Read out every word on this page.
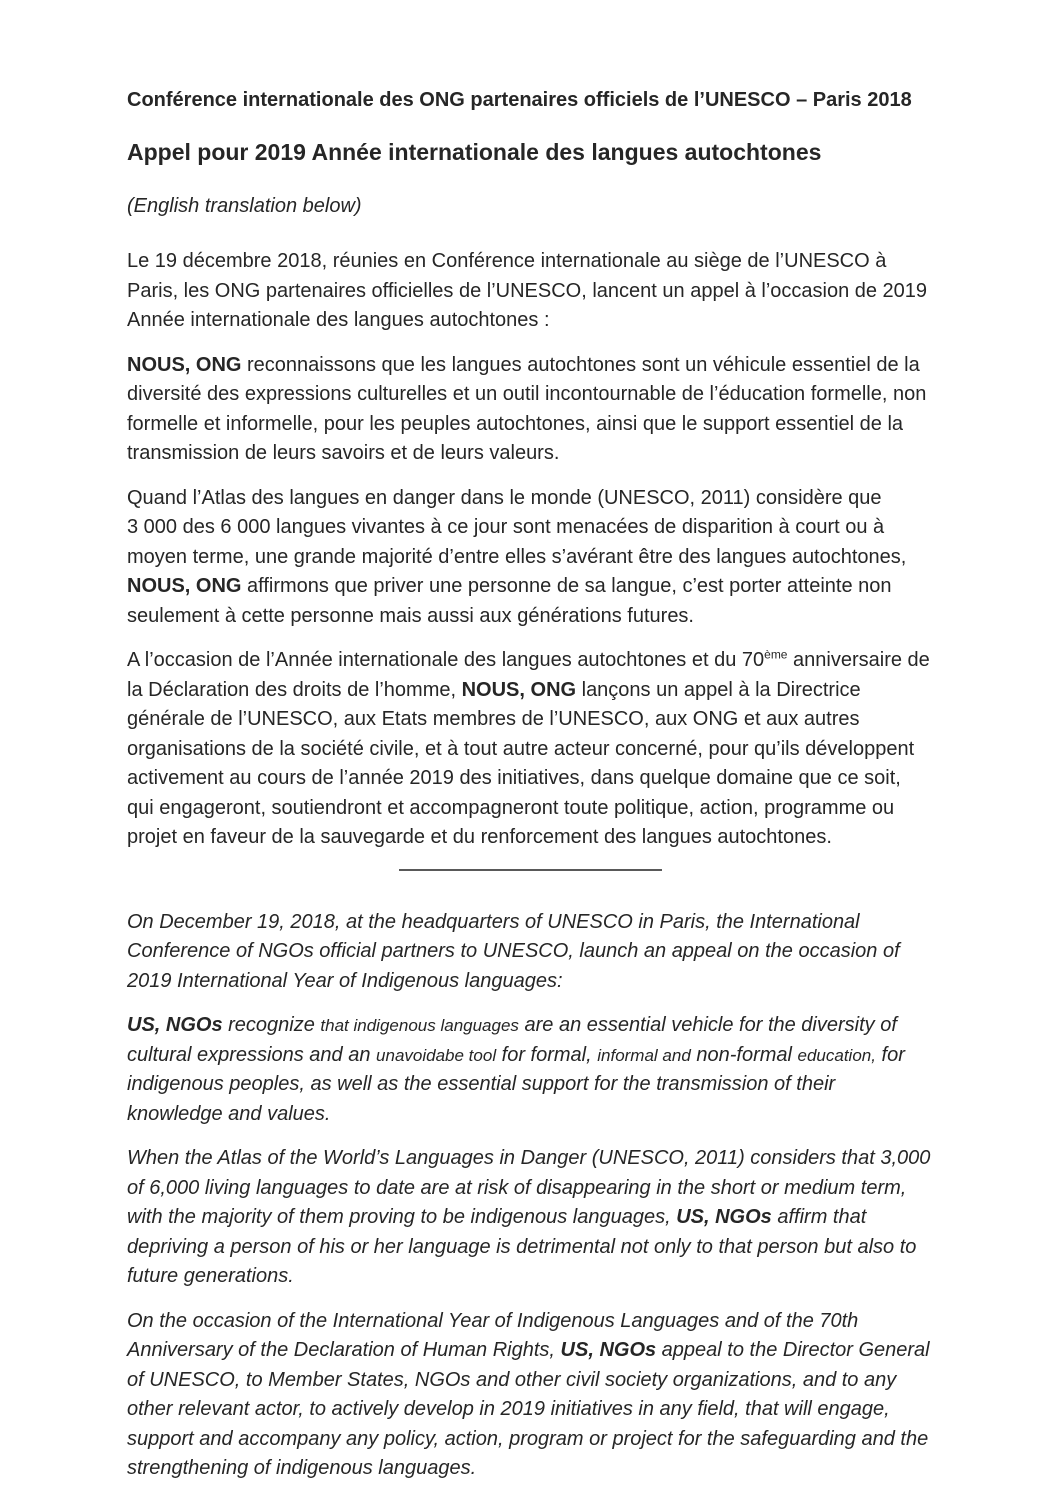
Conférence internationale des ONG partenaires officiels de l’UNESCO – Paris 2018

Appel pour 2019 Année internationale des langues autochtones

(English translation below)

Le 19 décembre 2018, réunies en Conférence internationale au siège de l’UNESCO à Paris, les ONG partenaires officielles de l’UNESCO, lancent un appel à l’occasion de 2019 Année internationale des langues autochtones :

NOUS, ONG reconnaissons que les langues autochtones sont un véhicule essentiel de la diversité des expressions culturelles et un outil incontournable de l’éducation formelle, non formelle et informelle, pour les peuples autochtones, ainsi que le support essentiel de la transmission de leurs savoirs et de leurs valeurs.

Quand l’Atlas des langues en danger dans le monde (UNESCO, 2011) considère que 3 000 des 6 000 langues vivantes à ce jour sont menacées de disparition à court ou à moyen terme, une grande majorité d’entre elles s’avérant être des langues autochtones, NOUS, ONG affirmons que priver une personne de sa langue, c’est porter atteinte non seulement à cette personne mais aussi aux générations futures.

A l’occasion de l’Année internationale des langues autochtones et du 70ème anniversaire de la Déclaration des droits de l’homme, NOUS, ONG lançons un appel à la Directrice générale de l’UNESCO, aux Etats membres de l’UNESCO, aux ONG et aux autres organisations de la société civile, et à tout autre acteur concerné, pour qu’ils développent activement au cours de l’année 2019 des initiatives, dans quelque domaine que ce soit, qui engageront, soutiendront et accompagneront toute politique, action, programme ou projet en faveur de la sauvegarde et du renforcement des langues autochtones.

On December 19, 2018, at the headquarters of UNESCO in Paris, the International Conference of NGOs official partners to UNESCO, launch an appeal on the occasion of 2019 International Year of Indigenous languages:

US, NGOs recognize that indigenous languages are an essential vehicle for the diversity of cultural expressions and an unavoidabe tool for formal, informal and non-formal education, for indigenous peoples, as well as the essential support for the transmission of their knowledge and values.

When the Atlas of the World’s Languages in Danger (UNESCO, 2011) considers that 3,000 of 6,000 living languages to date are at risk of disappearing in the short or medium term, with the majority of them proving to be indigenous languages, US, NGOs affirm that depriving a person of his or her language is detrimental not only to that person but also to future generations.

On the occasion of the International Year of Indigenous Languages and of the 70th Anniversary of the Declaration of Human Rights, US, NGOs appeal to the Director General of UNESCO, to Member States, NGOs and other civil society organizations, and to any other relevant actor, to actively develop in 2019 initiatives in any field, that will engage, support and accompany any policy, action, program or project for the safeguarding and the strengthening of indigenous languages.
